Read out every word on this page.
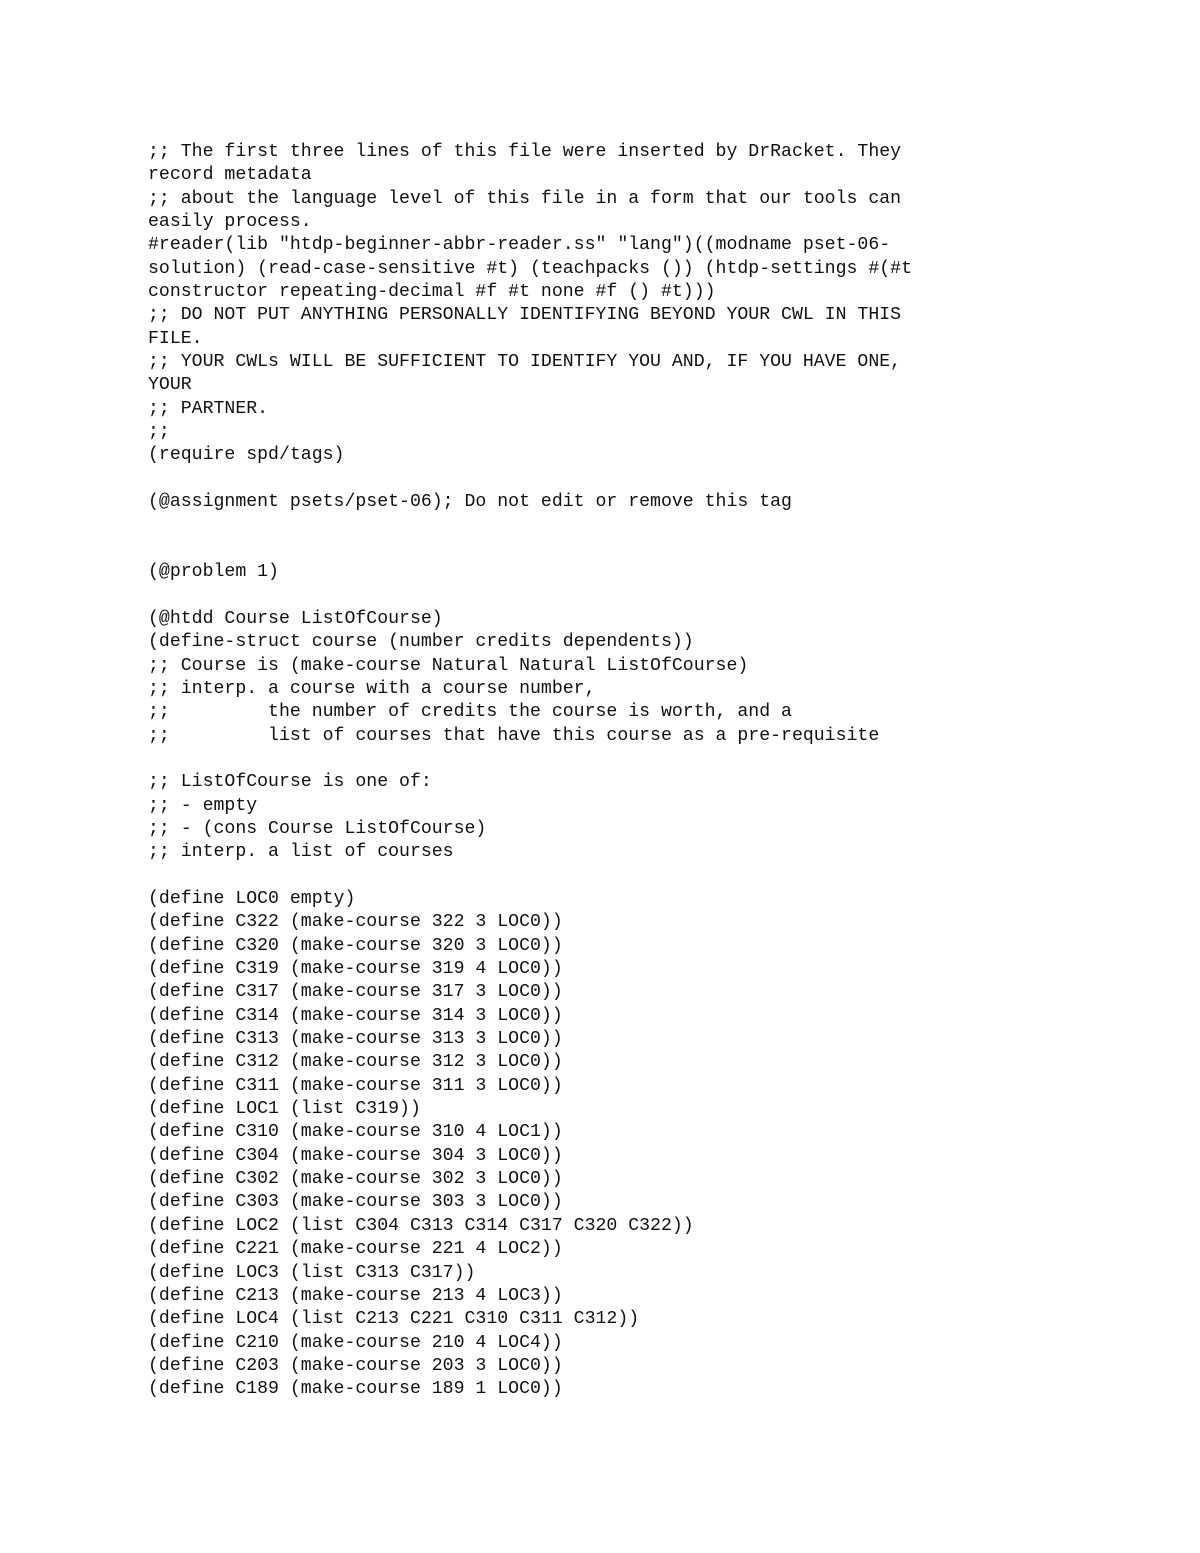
;; The first three lines of this file were inserted by DrRacket. They
record metadata
;; about the language level of this file in a form that our tools can
easily process.
#reader(lib "htdp-beginner-abbr-reader.ss" "lang")((modname pset-06-
solution) (read-case-sensitive #t) (teachpacks ()) (htdp-settings #(#t
constructor repeating-decimal #f #t none #f () #t)))
;; DO NOT PUT ANYTHING PERSONALLY IDENTIFYING BEYOND YOUR CWL IN THIS
FILE.
;; YOUR CWLs WILL BE SUFFICIENT TO IDENTIFY YOU AND, IF YOU HAVE ONE,
YOUR
;; PARTNER.
;;
(require spd/tags)
(@assignment psets/pset-06); Do not edit or remove this tag
(@problem 1)
(@htdd Course ListOfCourse)
(define-struct course (number credits dependents))
;; Course is (make-course Natural Natural ListOfCourse)
;; interp. a course with a course number,
;;         the number of credits the course is worth, and a
;;         list of courses that have this course as a pre-requisite
;; ListOfCourse is one of:
;; - empty
;; - (cons Course ListOfCourse)
;; interp. a list of courses
(define LOC0 empty)
(define C322 (make-course 322 3 LOC0))
(define C320 (make-course 320 3 LOC0))
(define C319 (make-course 319 4 LOC0))
(define C317 (make-course 317 3 LOC0))
(define C314 (make-course 314 3 LOC0))
(define C313 (make-course 313 3 LOC0))
(define C312 (make-course 312 3 LOC0))
(define C311 (make-course 311 3 LOC0))
(define LOC1 (list C319))
(define C310 (make-course 310 4 LOC1))
(define C304 (make-course 304 3 LOC0))
(define C302 (make-course 302 3 LOC0))
(define C303 (make-course 303 3 LOC0))
(define LOC2 (list C304 C313 C314 C317 C320 C322))
(define C221 (make-course 221 4 LOC2))
(define LOC3 (list C313 C317))
(define C213 (make-course 213 4 LOC3))
(define LOC4 (list C213 C221 C310 C311 C312))
(define C210 (make-course 210 4 LOC4))
(define C203 (make-course 203 3 LOC0))
(define C189 (make-course 189 1 LOC0))
